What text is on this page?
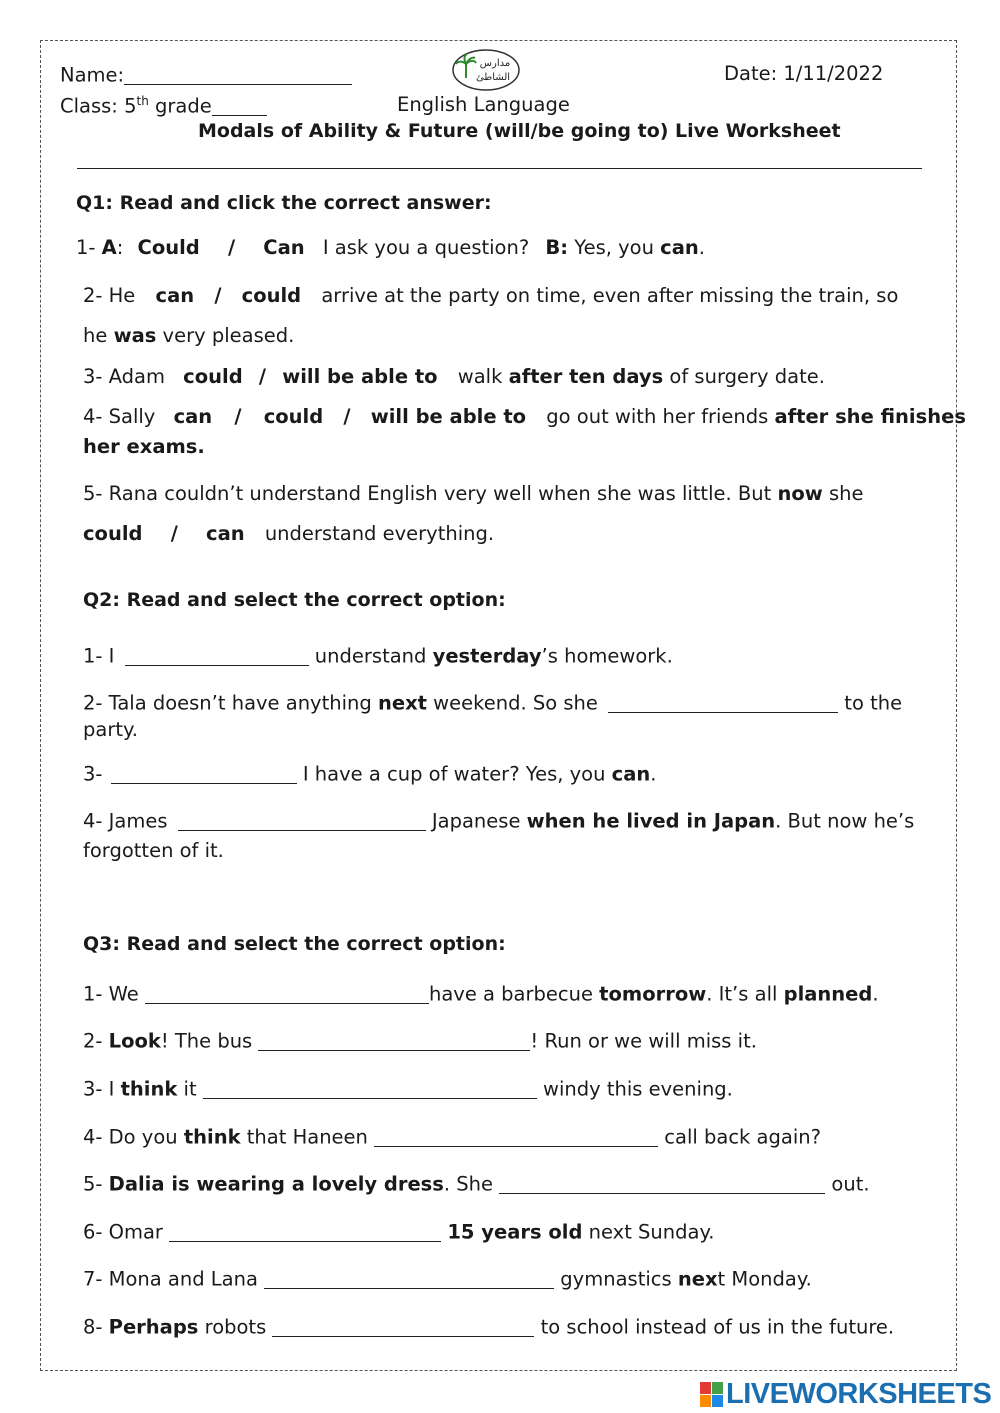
Name:	مدارس
الشاطئ	Date: 1/11/2022
Class: 5th grade	English Language
Modals of Ability & Future (will/be going to) Live Worksheet
Q1: Read and click the correct answer:
1- A: Could / Can I ask you a question? B: Yes, you can.
2- He can / could arrive at the party on time, even after missing the train, so
he was very pleased.
3- Adam could / will be able to walk after ten days of surgery date.
4- Sally can / could / will be able to go out with her friends after she finishes
her exams.
5- Rana couldn’t understand English very well when she was little. But now she
could / can understand everything.
Q2: Read and select the correct option:
1- I	understand yesterday’s homework.
2- Tala doesn’t have anything next weekend. So she	to the
party.
3-	I have a cup of water? Yes, you can.
4- James	Japanese when he lived in Japan. But now he’s
forgotten of it.
Q3: Read and select the correct option:
1- We	have a barbecue tomorrow. It’s all planned.
2- Look! The bus	! Run or we will miss it.
3- I think it	windy this evening.
4- Do you think that Haneen	call back again?
5- Dalia is wearing a lovely dress. She	out.
6- Omar	15 years old next Sunday.
7- Mona and Lana	gymnastics next Monday.
8- Perhaps robots	to school instead of us in the future.
LIVEWORKSHEETS
